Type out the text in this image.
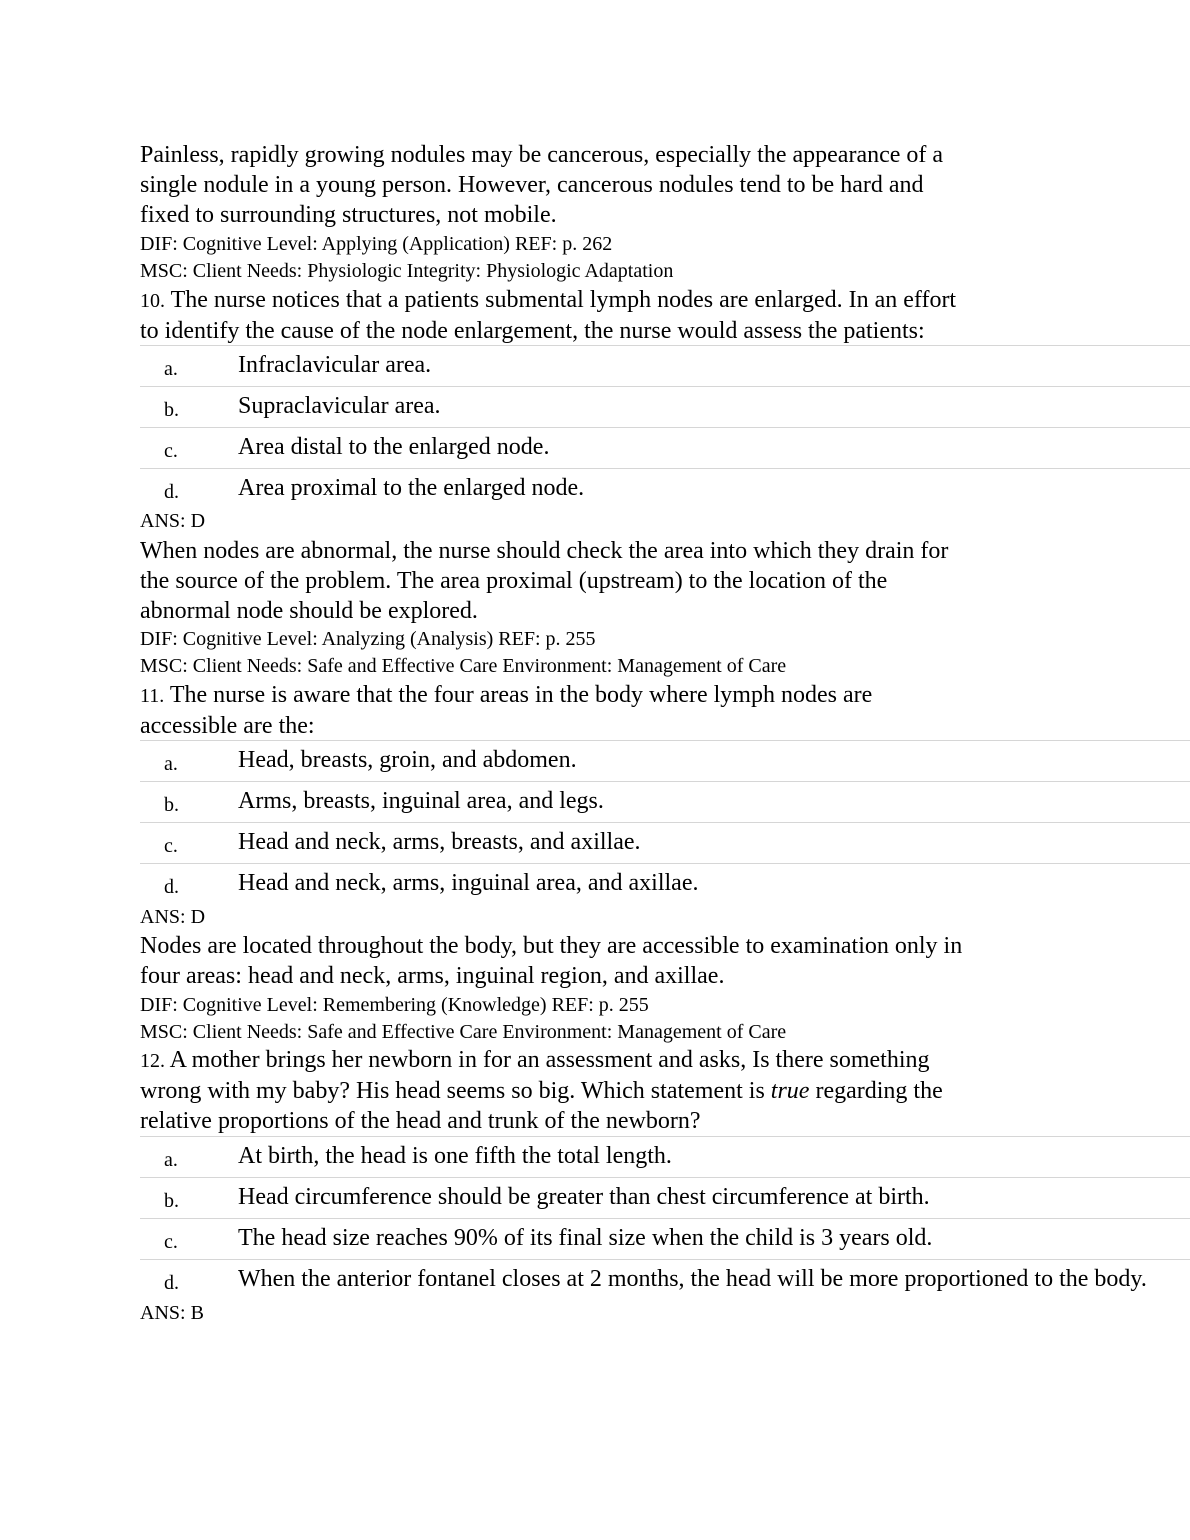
Painless, rapidly growing nodules may be cancerous, especially the appearance of a
single nodule in a young person. However, cancerous nodules tend to be hard and
fixed to surrounding structures, not mobile.
DIF: Cognitive Level: Applying (Application) REF: p. 262
MSC: Client Needs: Physiologic Integrity: Physiologic Adaptation
10. The nurse notices that a patients submental lymph nodes are enlarged. In an effort
to identify the cause of the node enlargement, the nurse would assess the patients:
a.	Infraclavicular area.
b. Supraclavicular area.
c.	Area distal to the enlarged node.
d. Area proximal to the enlarged node.
ANS: D
When nodes are abnormal, the nurse should check the area into which they drain for
the source of the problem. The area proximal (upstream) to the location of the
abnormal node should be explored.
DIF: Cognitive Level: Analyzing (Analysis) REF: p. 255
MSC: Client Needs: Safe and Effective Care Environment: Management of Care
11. The nurse is aware that the four areas in the body where lymph nodes are
accessible are the:
a.	Head, breasts, groin, and abdomen.
b. Arms, breasts, inguinal area, and legs.
c.	Head and neck, arms, breasts, and axillae.
d. Head and neck, arms, inguinal area, and axillae.
ANS: D
Nodes are located throughout the body, but they are accessible to examination only in
four areas: head and neck, arms, inguinal region, and axillae.
DIF: Cognitive Level: Remembering (Knowledge) REF: p. 255
MSC: Client Needs: Safe and Effective Care Environment: Management of Care
12. A mother brings her newborn in for an assessment and asks, Is there something
wrong with my baby? His head seems so big. Which statement is true regarding the
relative proportions of the head and trunk of the newborn?
a.	At birth, the head is one fifth the total length.
b. Head circumference should be greater than chest circumference at birth.
c.	The head size reaches 90% of its final size when the child is 3 years old.
d. When the anterior fontanel closes at 2 months, the head will be more proportioned to the body.
ANS: B
